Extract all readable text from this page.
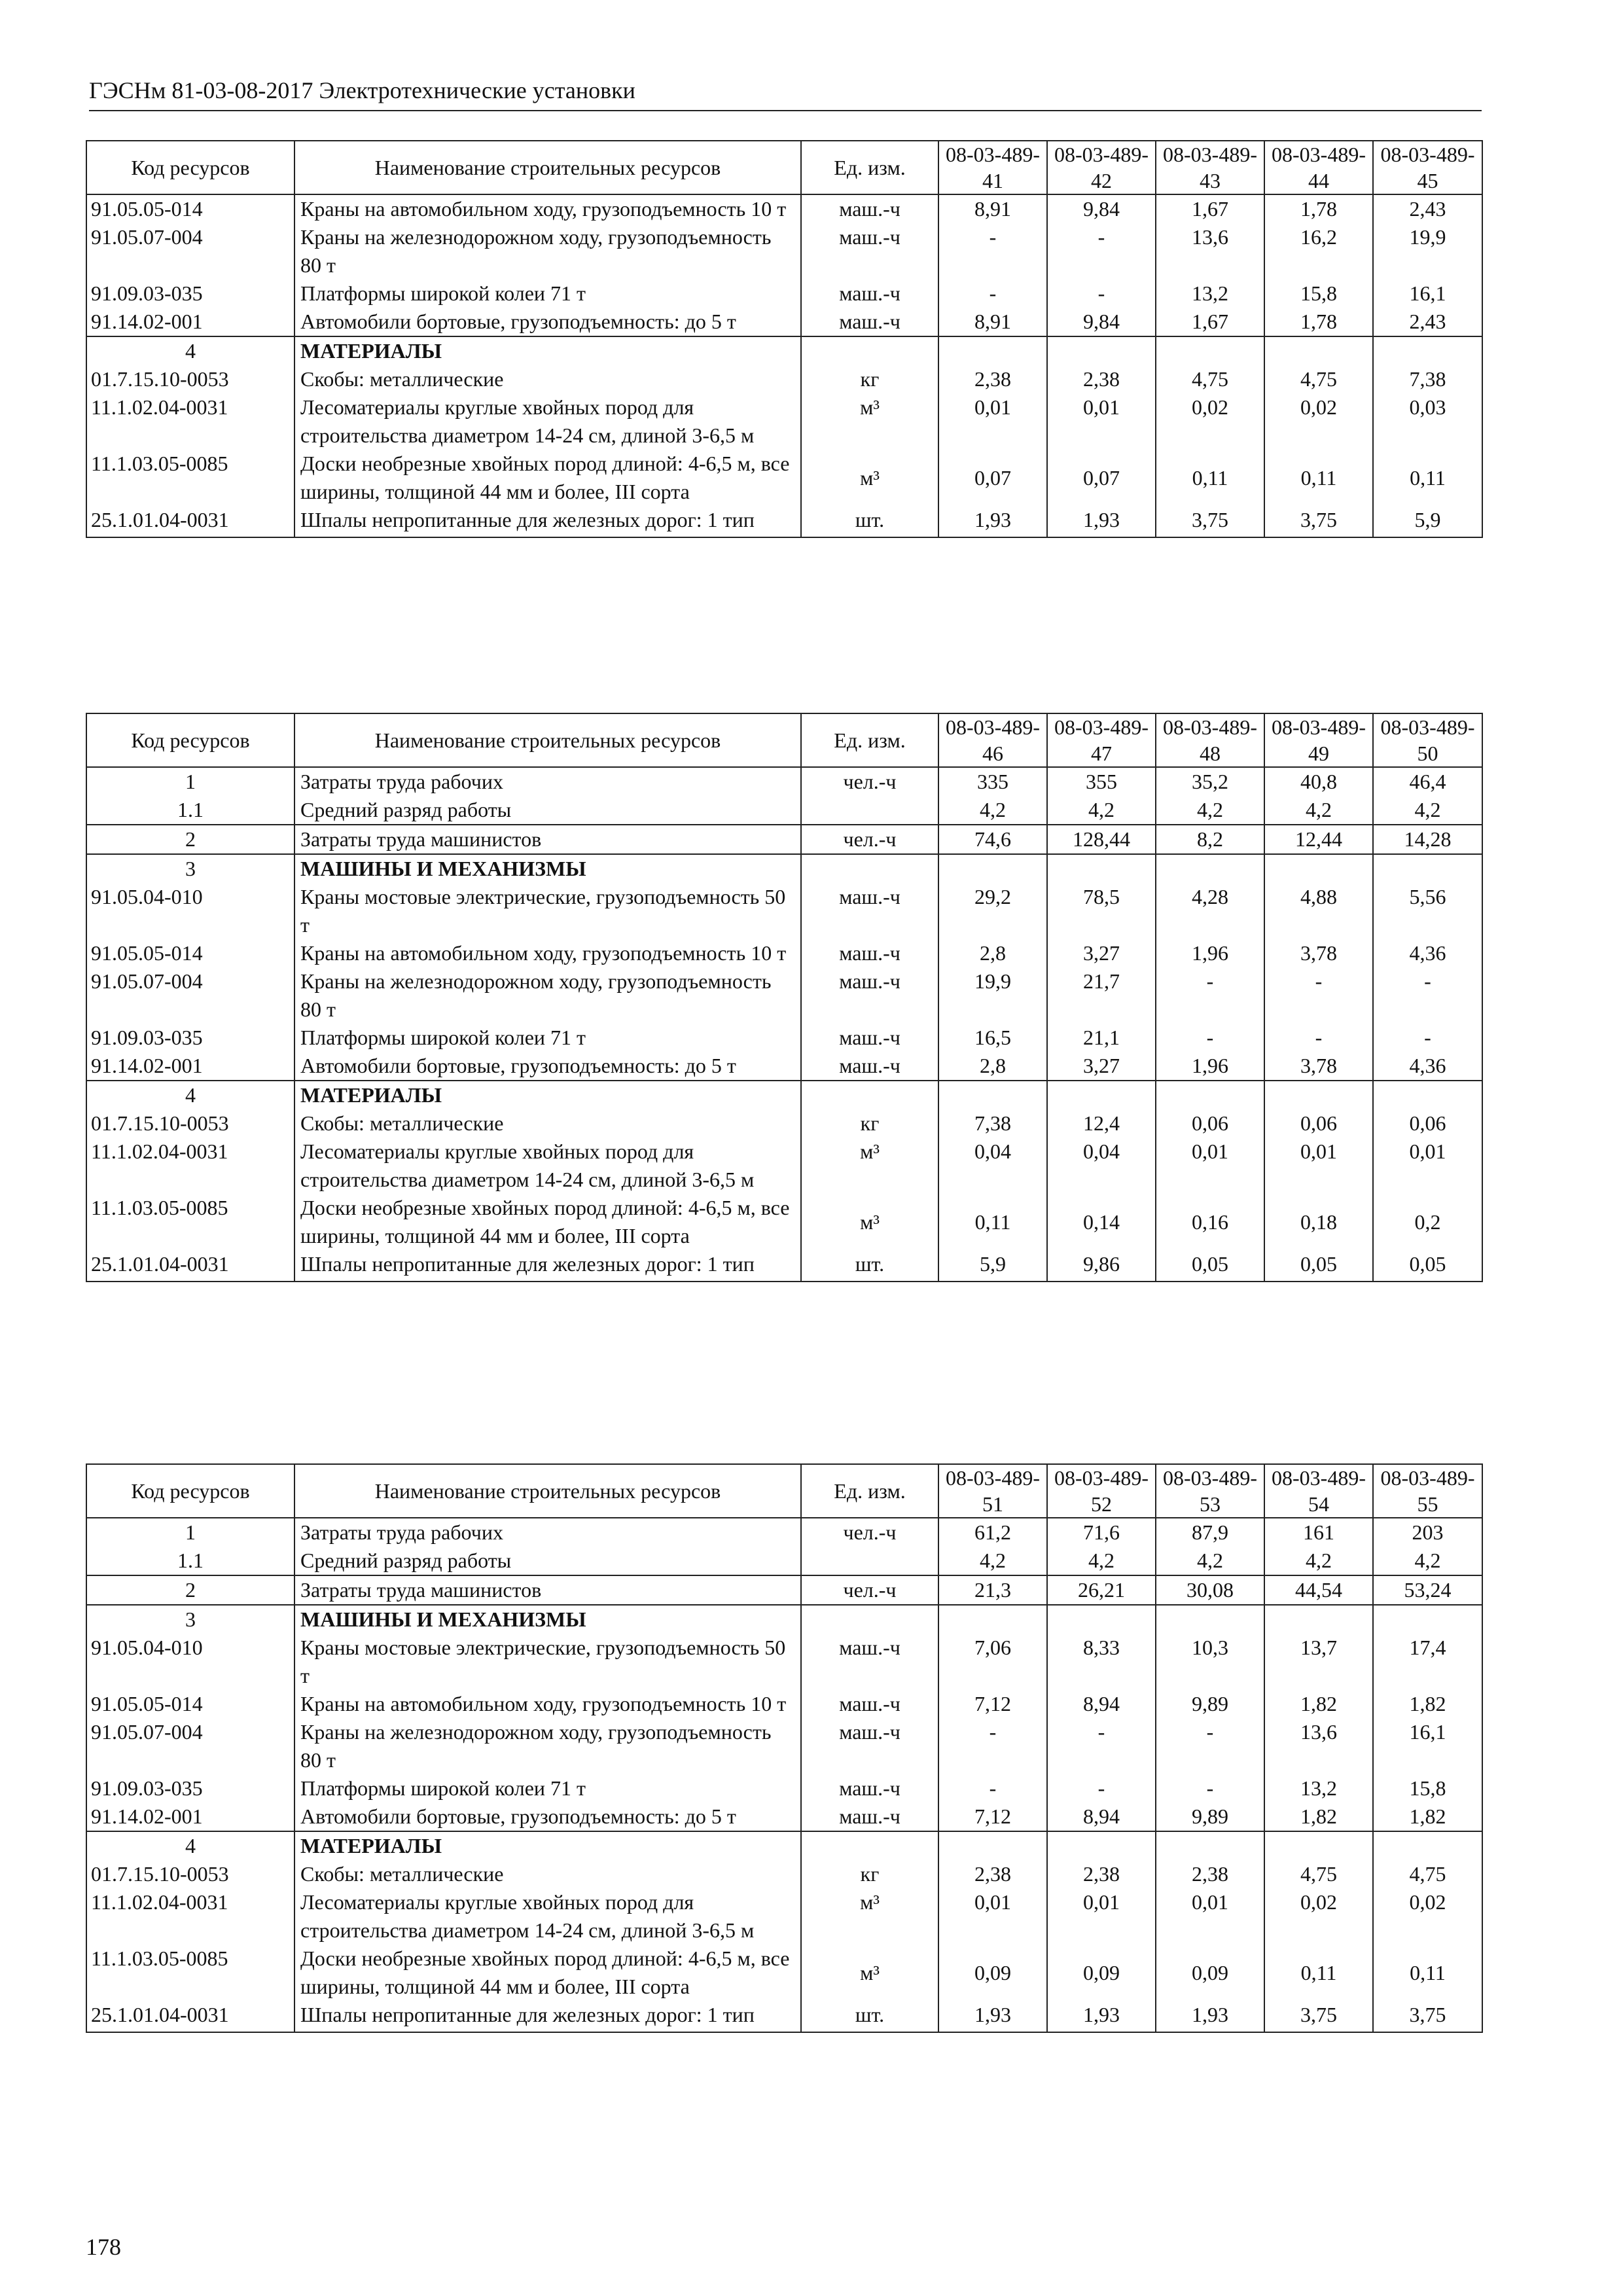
ГЭСНм 81-03-08-2017 Электротехнические установки
Код ресурсов	Наименование строительных ресурсов	Ед. изм.	08-03-489-41	08-03-489-42	08-03-489-43	08-03-489-44	08-03-489-45
91.05.05-014	Краны на автомобильном ходу, грузоподъемность 10 т	маш.-ч	8,91	9,84	1,67	1,78	2,43
91.05.07-004	Краны на железнодорожном ходу, грузоподъемность 80 т	маш.-ч	-	-	13,6	16,2	19,9
91.09.03-035	Платформы широкой колеи 71 т	маш.-ч	-	-	13,2	15,8	16,1
91.14.02-001	Автомобили бортовые, грузоподъемность: до 5 т	маш.-ч	8,91	9,84	1,67	1,78	2,43
4	МАТЕРИАЛЫ						
01.7.15.10-0053	Скобы: металлические	кг	2,38	2,38	4,75	4,75	7,38
11.1.02.04-0031	Лесоматериалы круглые хвойных пород для строительства диаметром 14-24 см, длиной 3-6,5 м	м³	0,01	0,01	0,02	0,02	0,03
11.1.03.05-0085	Доски необрезные хвойных пород длиной: 4-6,5 м, все ширины, толщиной 44 мм и более, III сорта	м³	0,07	0,07	0,11	0,11	0,11
25.1.01.04-0031	Шпалы непропитанные для железных дорог: 1 тип	шт.	1,93	1,93	3,75	3,75	5,9
Код ресурсов	Наименование строительных ресурсов	Ед. изм.	08-03-489-46	08-03-489-47	08-03-489-48	08-03-489-49	08-03-489-50
1	Затраты труда рабочих	чел.-ч	335	355	35,2	40,8	46,4
1.1	Средний разряд работы		4,2	4,2	4,2	4,2	4,2
2	Затраты труда машинистов	чел.-ч	74,6	128,44	8,2	12,44	14,28
3	МАШИНЫ И МЕХАНИЗМЫ						
91.05.04-010	Краны мостовые электрические, грузоподъемность 50 т	маш.-ч	29,2	78,5	4,28	4,88	5,56
91.05.05-014	Краны на автомобильном ходу, грузоподъемность 10 т	маш.-ч	2,8	3,27	1,96	3,78	4,36
91.05.07-004	Краны на железнодорожном ходу, грузоподъемность 80 т	маш.-ч	19,9	21,7	-	-	-
91.09.03-035	Платформы широкой колеи 71 т	маш.-ч	16,5	21,1	-	-	-
91.14.02-001	Автомобили бортовые, грузоподъемность: до 5 т	маш.-ч	2,8	3,27	1,96	3,78	4,36
4	МАТЕРИАЛЫ						
01.7.15.10-0053	Скобы: металлические	кг	7,38	12,4	0,06	0,06	0,06
11.1.02.04-0031	Лесоматериалы круглые хвойных пород для строительства диаметром 14-24 см, длиной 3-6,5 м	м³	0,04	0,04	0,01	0,01	0,01
11.1.03.05-0085	Доски необрезные хвойных пород длиной: 4-6,5 м, все ширины, толщиной 44 мм и более, III сорта	м³	0,11	0,14	0,16	0,18	0,2
25.1.01.04-0031	Шпалы непропитанные для железных дорог: 1 тип	шт.	5,9	9,86	0,05	0,05	0,05
Код ресурсов	Наименование строительных ресурсов	Ед. изм.	08-03-489-51	08-03-489-52	08-03-489-53	08-03-489-54	08-03-489-55
1	Затраты труда рабочих	чел.-ч	61,2	71,6	87,9	161	203
1.1	Средний разряд работы		4,2	4,2	4,2	4,2	4,2
2	Затраты труда машинистов	чел.-ч	21,3	26,21	30,08	44,54	53,24
3	МАШИНЫ И МЕХАНИЗМЫ						
91.05.04-010	Краны мостовые электрические, грузоподъемность 50 т	маш.-ч	7,06	8,33	10,3	13,7	17,4
91.05.05-014	Краны на автомобильном ходу, грузоподъемность 10 т	маш.-ч	7,12	8,94	9,89	1,82	1,82
91.05.07-004	Краны на железнодорожном ходу, грузоподъемность 80 т	маш.-ч	-	-	-	13,6	16,1
91.09.03-035	Платформы широкой колеи 71 т	маш.-ч	-	-	-	13,2	15,8
91.14.02-001	Автомобили бортовые, грузоподъемность: до 5 т	маш.-ч	7,12	8,94	9,89	1,82	1,82
4	МАТЕРИАЛЫ						
01.7.15.10-0053	Скобы: металлические	кг	2,38	2,38	2,38	4,75	4,75
11.1.02.04-0031	Лесоматериалы круглые хвойных пород для строительства диаметром 14-24 см, длиной 3-6,5 м	м³	0,01	0,01	0,01	0,02	0,02
11.1.03.05-0085	Доски необрезные хвойных пород длиной: 4-6,5 м, все ширины, толщиной 44 мм и более, III сорта	м³	0,09	0,09	0,09	0,11	0,11
25.1.01.04-0031	Шпалы непропитанные для железных дорог: 1 тип	шт.	1,93	1,93	1,93	3,75	3,75
178
